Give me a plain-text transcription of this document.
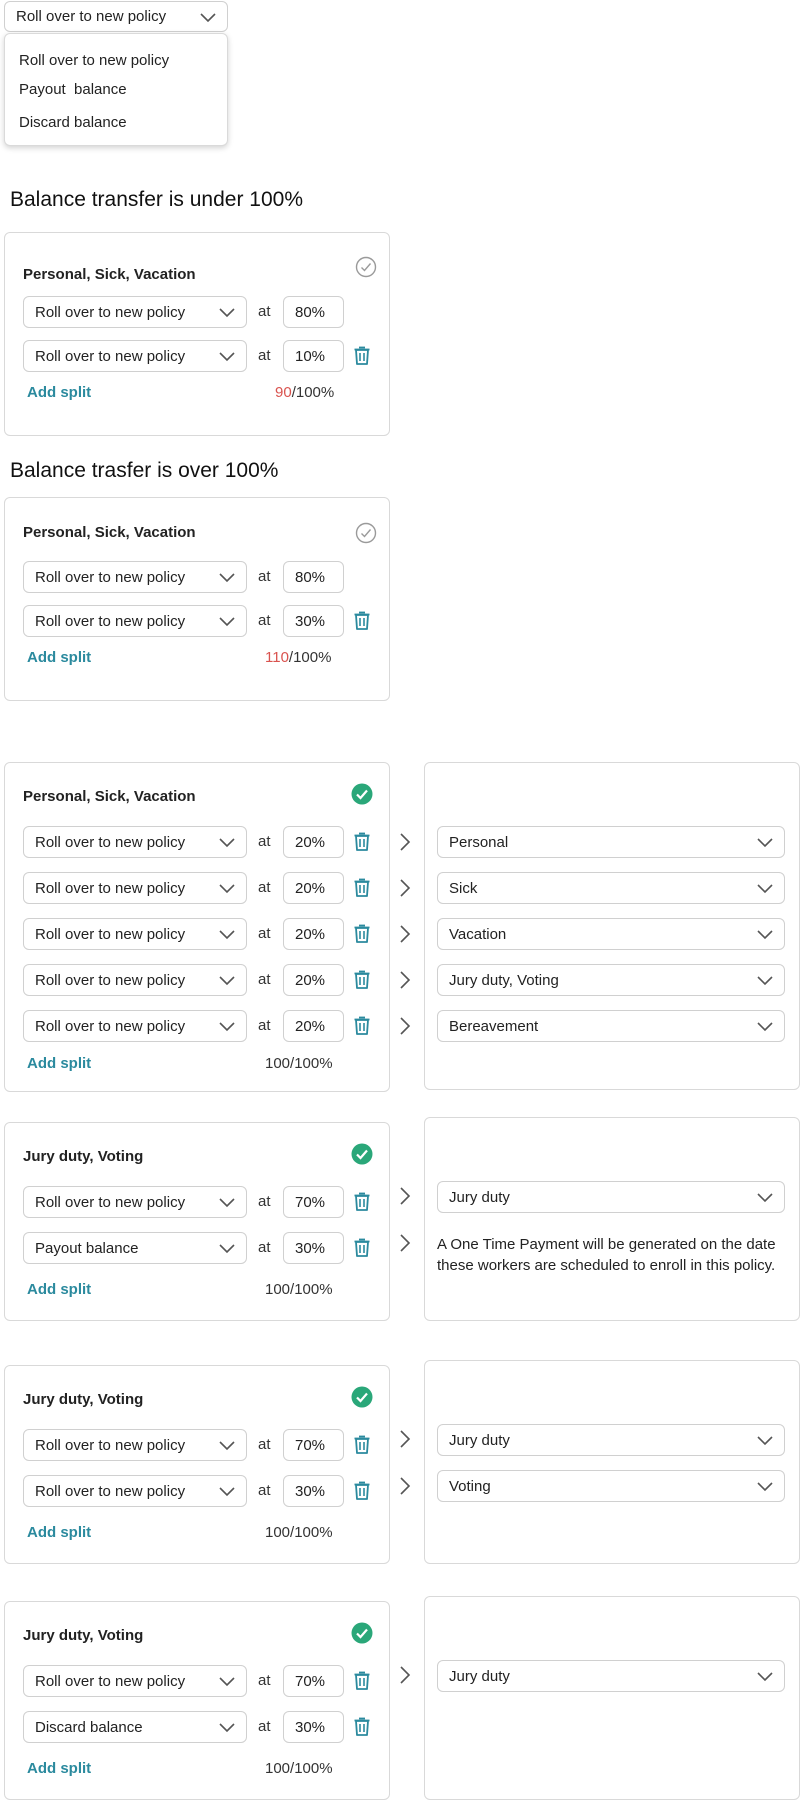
Roll over to new policy
Roll over to new policy
Payout  balance
Discard balance
Balance transfer is under 100%
Personal, Sick, Vacation
Roll over to new policy	at	80%
Roll over to new policy	at	10%
Add split	90/100%
Balance trasfer is over 100%
Personal, Sick, Vacation
Roll over to new policy	at	80%
Roll over to new policy	at	30%
Add split	110/100%
Personal, Sick, Vacation
Roll over to new policy	at	20%	Personal
Roll over to new policy	at	20%	Sick
Roll over to new policy	at	20%	Vacation
Roll over to new policy	at	20%	Jury duty, Voting
Roll over to new policy	at	20%	Bereavement
Add split	100/100%
Jury duty, Voting
Roll over to new policy	at	70%	Jury duty
Payout balance	at	30%	A One Time Payment will be generated on the date these workers are scheduled to enroll in this policy.
Add split	100/100%
Jury duty, Voting
Roll over to new policy	at	70%	Jury duty
Roll over to new policy	at	30%	Voting
Add split	100/100%
Jury duty, Voting
Roll over to new policy	at	70%	Jury duty
Discard balance	at	30%
Add split	100/100%
